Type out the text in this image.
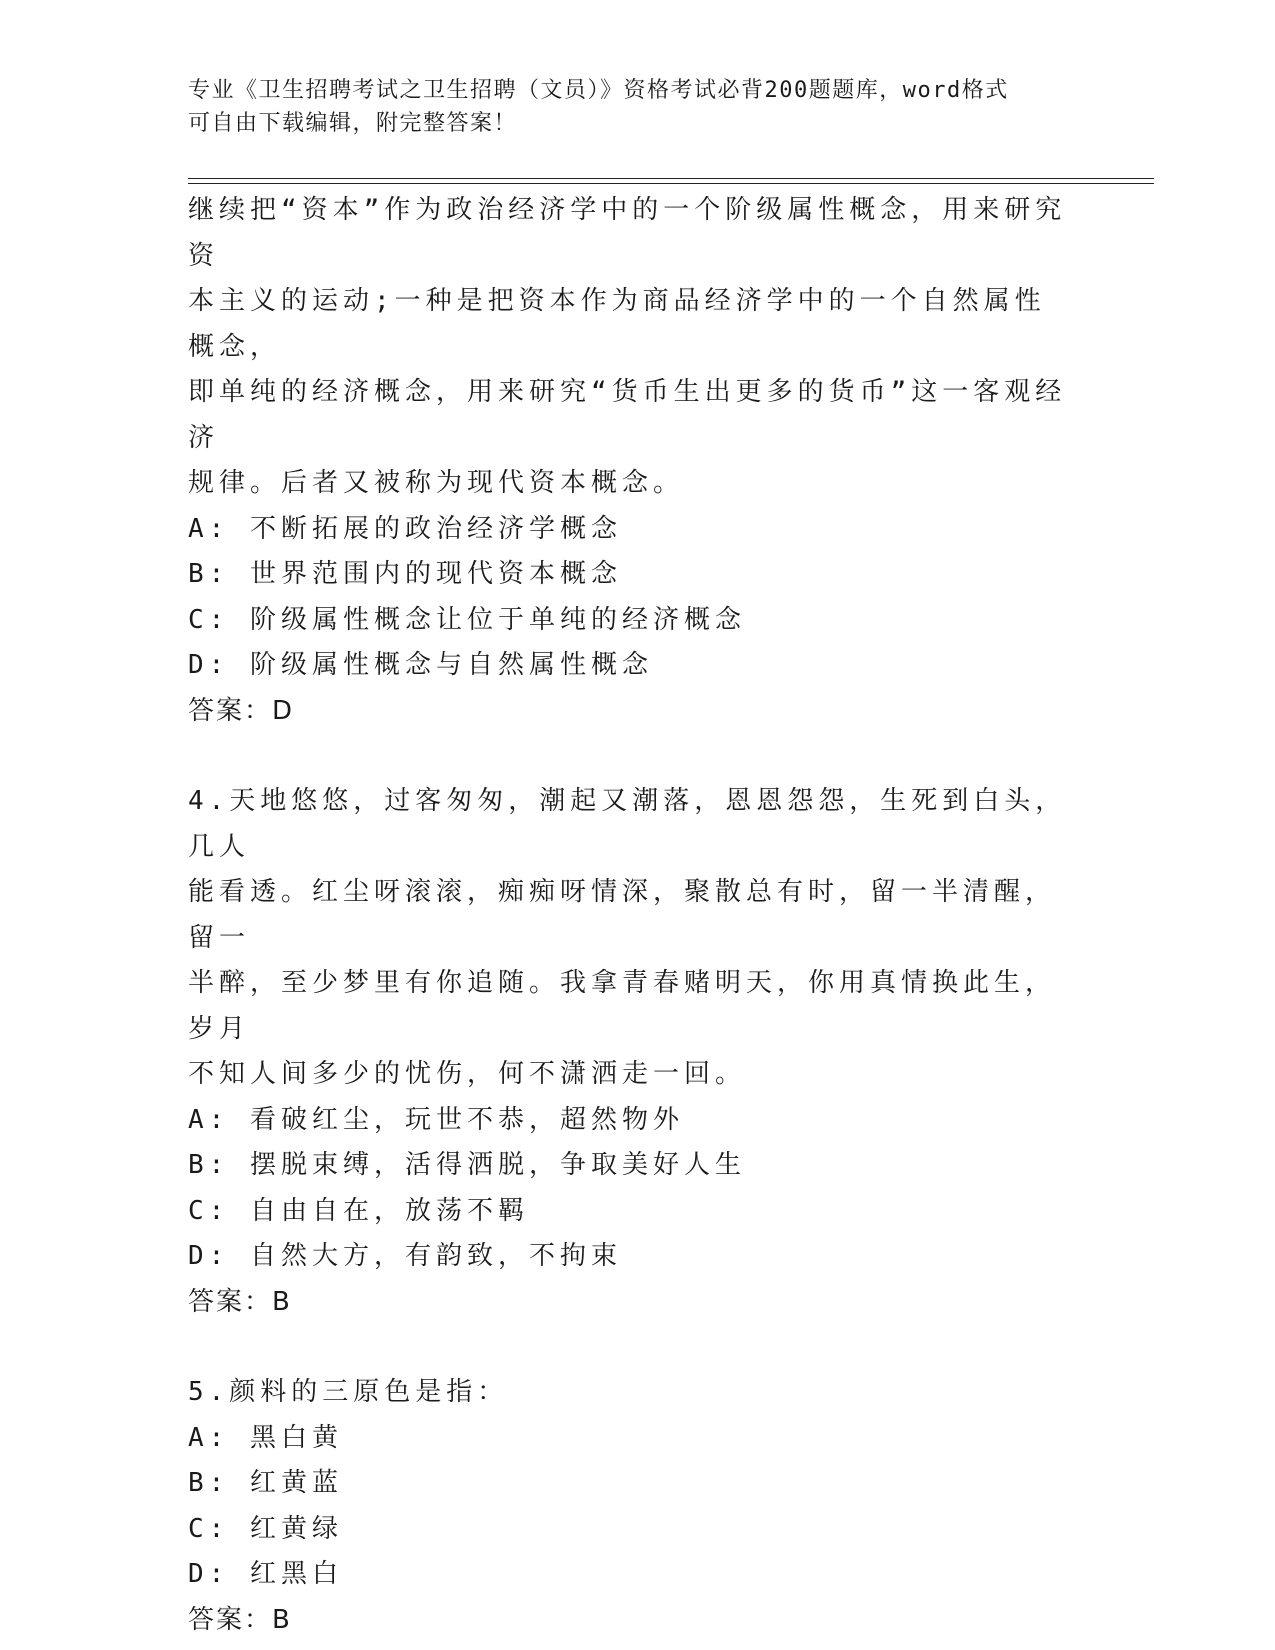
专业《卫生招聘考试之卫生招聘（文员）》资格考试必背200题题库，word格式
可自由下载编辑，附完整答案！

继续把“资本”作为政治经济学中的一个阶级属性概念，用来研究资

本主义的运动;一种是把资本作为商品经济学中的一个自然属性概念，

即单纯的经济概念，用来研究“货币生出更多的货币”这一客观经济

规律。后者又被称为现代资本概念。

A: 不断拓展的政治经济学概念

B: 世界范围内的现代资本概念

C: 阶级属性概念让位于单纯的经济概念

D: 阶级属性概念与自然属性概念

答案：D

4.天地悠悠，过客匆匆，潮起又潮落，恩恩怨怨，生死到白头，几人

能看透。红尘呀滚滚，痴痴呀情深，聚散总有时，留一半清醒，留一

半醉，至少梦里有你追随。我拿青春赌明天，你用真情换此生，岁月

不知人间多少的忧伤，何不潇洒走一回。

A: 看破红尘，玩世不恭，超然物外

B: 摆脱束缚，活得洒脱，争取美好人生

C: 自由自在，放荡不羁

D: 自然大方，有韵致，不拘束

答案：B

5.颜料的三原色是指：

A: 黑白黄

B: 红黄蓝

C: 红黄绿

D: 红黑白

答案：B
